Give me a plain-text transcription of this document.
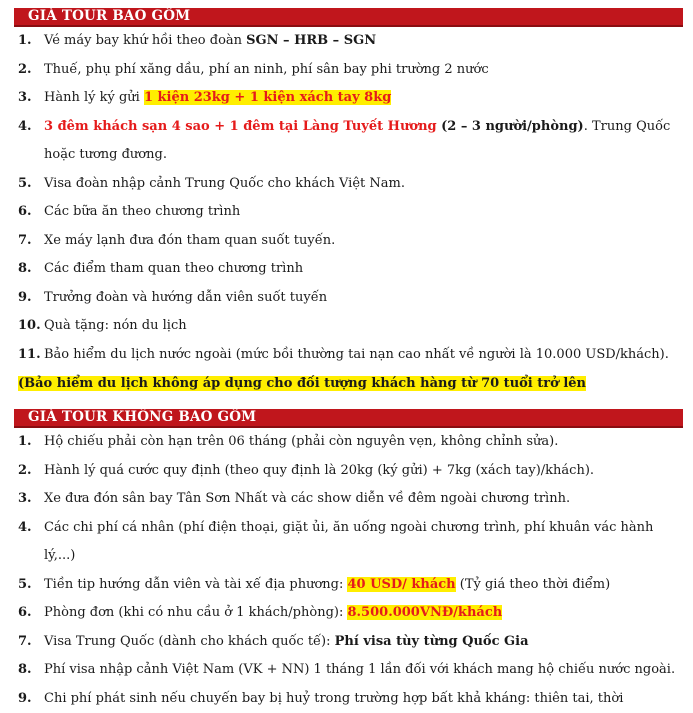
GIÁ TOUR BAO GỒM
1. Vé máy bay khứ hồi theo đoàn SGN – HRB – SGN
2. Thuế, phụ phí xăng dầu, phí an ninh, phí sân bay phi trường 2 nước
3. Hành lý ký gửi 1 kiện 23kg + 1 kiện xách tay 8kg
4. 3 đêm khách sạn 4 sao + 1 đêm tại Làng Tuyết Hương (2 – 3 người/phòng). Trung Quốc hoặc tương đương.
5. Visa đoàn nhập cảnh Trung Quốc cho khách Việt Nam.
6. Các bữa ăn theo chương trình
7. Xe máy lạnh đưa đón tham quan suốt tuyến.
8. Các điểm tham quan theo chương trình
9. Trưởng đoàn và hướng dẫn viên suốt tuyến
10. Quà tặng: nón du lịch
11. Bảo hiểm du lịch nước ngoài (mức bồi thường tai nạn cao nhất về người là 10.000 USD/khách).
(Bảo hiểm du lịch không áp dụng cho đối tượng khách hàng từ 70 tuổi trở lên
GIÁ TOUR KHÔNG BAO GỒM
1. Hộ chiếu phải còn hạn trên 06 tháng (phải còn nguyên vẹn, không chỉnh sửa).
2. Hành lý quá cước quy định (theo quy định là 20kg (ký gửi) + 7kg (xách tay)/khách).
3. Xe đưa đón sân bay Tân Sơn Nhất và các show diễn về đêm ngoài chương trình.
4. Các chi phí cá nhân (phí điện thoại, giặt ủi, ăn uống ngoài chương trình, phí khuân vác hành lý,...)
5. Tiền tip hướng dẫn viên và tài xế địa phương: 40 USD/ khách (Tỷ giá theo thời điểm)
6. Phòng đơn (khi có nhu cầu ở 1 khách/phòng): 8.500.000VNĐ/khách
7. Visa Trung Quốc (dành cho khách quốc tế): Phí visa tùy từng Quốc Gia
8. Phí visa nhập cảnh Việt Nam (VK + NN) 1 tháng 1 lần đối với khách mang hộ chiếu nước ngoài.
9. Chi phí phát sinh nếu chuyến bay bị huỷ trong trường hợp bất khả kháng: thiên tai, thời
